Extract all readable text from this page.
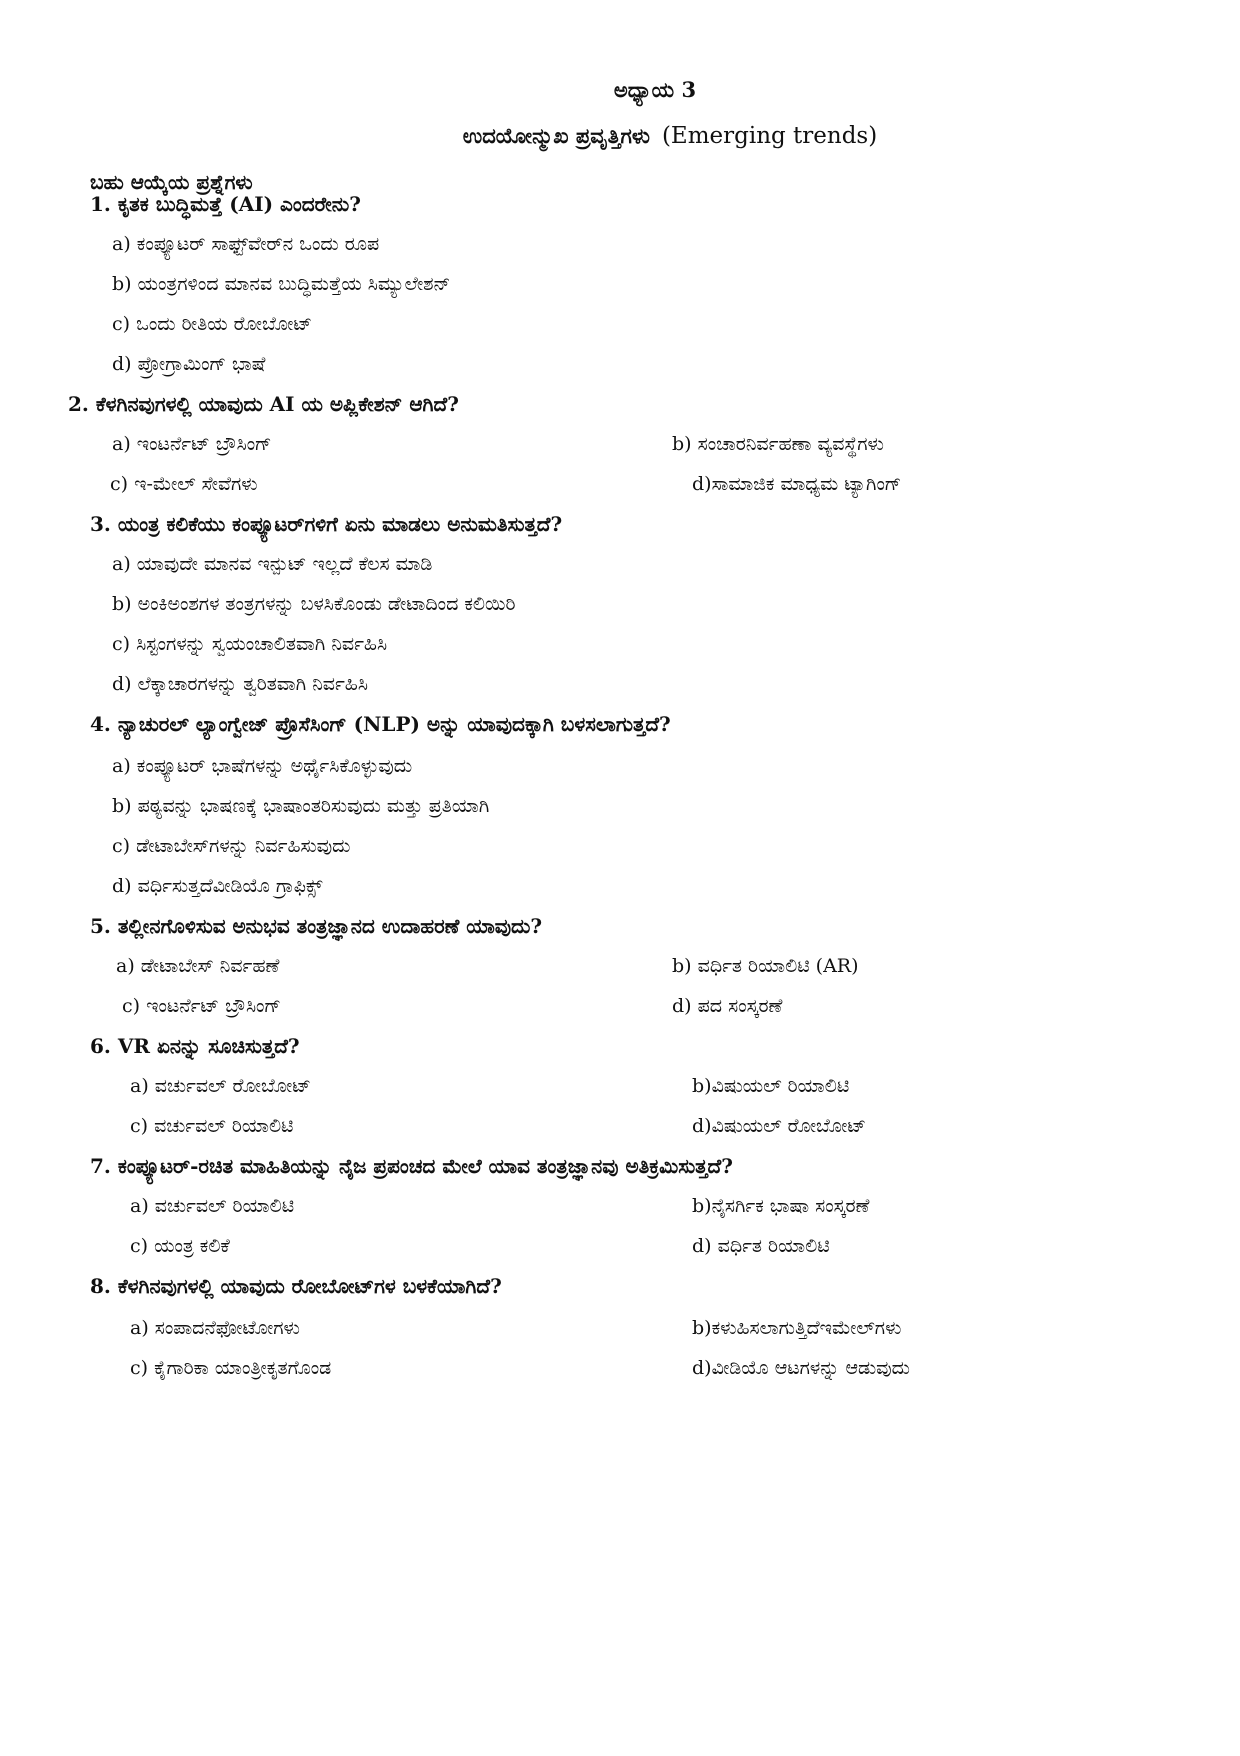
ಅಧ್ಯಾಯ 3
ಉದಯೋನ್ಮುಖ ಪ್ರವೃತ್ತಿಗಳು (Emerging trends)
ಬಹು ಆಯ್ಕೆಯ ಪ್ರಶ್ನೆಗಳು
1. ಕೃತಕ ಬುದ್ಧಿಮತ್ತೆ (AI) ಎಂದರೇನು?
a) ಕಂಪ್ಯೂಟರ್ ಸಾಫ್ಟ್‌ವೇರ್‌ನ ಒಂದು ರೂಪ
b) ಯಂತ್ರಗಳಿಂದ ಮಾನವ ಬುದ್ಧಿಮತ್ತೆಯ ಸಿಮ್ಯುಲೇಶನ್
c) ಒಂದು ರೀತಿಯ ರೋಬೋಟ್
d) ಪ್ರೋಗ್ರಾಮಿಂಗ್ ಭಾಷೆ
2. ಕೆಳಗಿನವುಗಳಲ್ಲಿ ಯಾವುದು AI ಯ ಅಪ್ಲಿಕೇಶನ್ ಆಗಿದೆ?
a) ಇಂಟರ್ನೆಟ್ ಬ್ರೌಸಿಂಗ್	b) ಸಂಚಾರನಿರ್ವಹಣಾ ವ್ಯವಸ್ಥೆಗಳು
c) ಇ-ಮೇಲ್ ಸೇವೆಗಳು	d)ಸಾಮಾಜಿಕ ಮಾಧ್ಯಮ ಟ್ಯಾಗಿಂಗ್
3. ಯಂತ್ರ ಕಲಿಕೆಯು ಕಂಪ್ಯೂಟರ್‌ಗಳಿಗೆ ಏನು ಮಾಡಲು ಅನುಮತಿಸುತ್ತದೆ?
a) ಯಾವುದೇ ಮಾನವ ಇನ್ಪುಟ್ ಇಲ್ಲದೆ ಕೆಲಸ ಮಾಡಿ
b) ಅಂಕಿಅಂಶಗಳ ತಂತ್ರಗಳನ್ನು ಬಳಸಿಕೊಂಡು ಡೇಟಾದಿಂದ ಕಲಿಯಿರಿ
c) ಸಿಸ್ಟಂಗಳನ್ನು ಸ್ವಯಂಚಾಲಿತವಾಗಿ ನಿರ್ವಹಿಸಿ
d) ಲೆಕ್ಕಾಚಾರಗಳನ್ನು ತ್ವರಿತವಾಗಿ ನಿರ್ವಹಿಸಿ
4. ನ್ಯಾಚುರಲ್ ಲ್ಯಾಂಗ್ವೇಜ್ ಪ್ರೊಸೆಸಿಂಗ್ (NLP) ಅನ್ನು ಯಾವುದಕ್ಕಾಗಿ ಬಳಸಲಾಗುತ್ತದೆ?
a) ಕಂಪ್ಯೂಟರ್ ಭಾಷೆಗಳನ್ನು ಅರ್ಥೈಸಿಕೊಳ್ಳುವುದು
b) ಪಠ್ಯವನ್ನು ಭಾಷಣಕ್ಕೆ ಭಾಷಾಂತರಿಸುವುದು ಮತ್ತು ಪ್ರತಿಯಾಗಿ
c) ಡೇಟಾಬೇಸ್‌ಗಳನ್ನು ನಿರ್ವಹಿಸುವುದು
d) ವರ್ಧಿಸುತ್ತದೆವೀಡಿಯೊ ಗ್ರಾಫಿಕ್ಸ್
5. ತಲ್ಲೀನಗೊಳಿಸುವ ಅನುಭವ ತಂತ್ರಜ್ಞಾನದ ಉದಾಹರಣೆ ಯಾವುದು?
a) ಡೇಟಾಬೇಸ್ ನಿರ್ವಹಣೆ	b) ವರ್ಧಿತ ರಿಯಾಲಿಟಿ (AR)
c) ಇಂಟರ್ನೆಟ್ ಬ್ರೌಸಿಂಗ್	d) ಪದ ಸಂಸ್ಕರಣೆ
6. VR ಏನನ್ನು ಸೂಚಿಸುತ್ತದೆ?
a) ವರ್ಚುವಲ್ ರೋಬೋಟ್	b)ವಿಷುಯಲ್ ರಿಯಾಲಿಟಿ
c) ವರ್ಚುವಲ್ ರಿಯಾಲಿಟಿ	d)ವಿಷುಯಲ್ ರೋಬೋಟ್
7. ಕಂಪ್ಯೂಟರ್-ರಚಿತ ಮಾಹಿತಿಯನ್ನು ನೈಜ ಪ್ರಪಂಚದ ಮೇಲೆ ಯಾವ ತಂತ್ರಜ್ಞಾನವು ಅತಿಕ್ರಮಿಸುತ್ತದೆ?
a) ವರ್ಚುವಲ್ ರಿಯಾಲಿಟಿ	b)ನೈಸರ್ಗಿಕ ಭಾಷಾ ಸಂಸ್ಕರಣೆ
c) ಯಂತ್ರ ಕಲಿಕೆ	d) ವರ್ಧಿತ ರಿಯಾಲಿಟಿ
8. ಕೆಳಗಿನವುಗಳಲ್ಲಿ ಯಾವುದು ರೋಬೋಟ್‌ಗಳ ಬಳಕೆಯಾಗಿದೆ?
a) ಸಂಪಾದನೆಫೋಟೋಗಳು	b)ಕಳುಹಿಸಲಾಗುತ್ತಿದೆಇಮೇಲ್‌ಗಳು
c) ಕೈಗಾರಿಕಾ ಯಾಂತ್ರೀಕೃತಗೊಂಡ	d)ವೀಡಿಯೊ ಆಟಗಳನ್ನು ಆಡುವುದು
